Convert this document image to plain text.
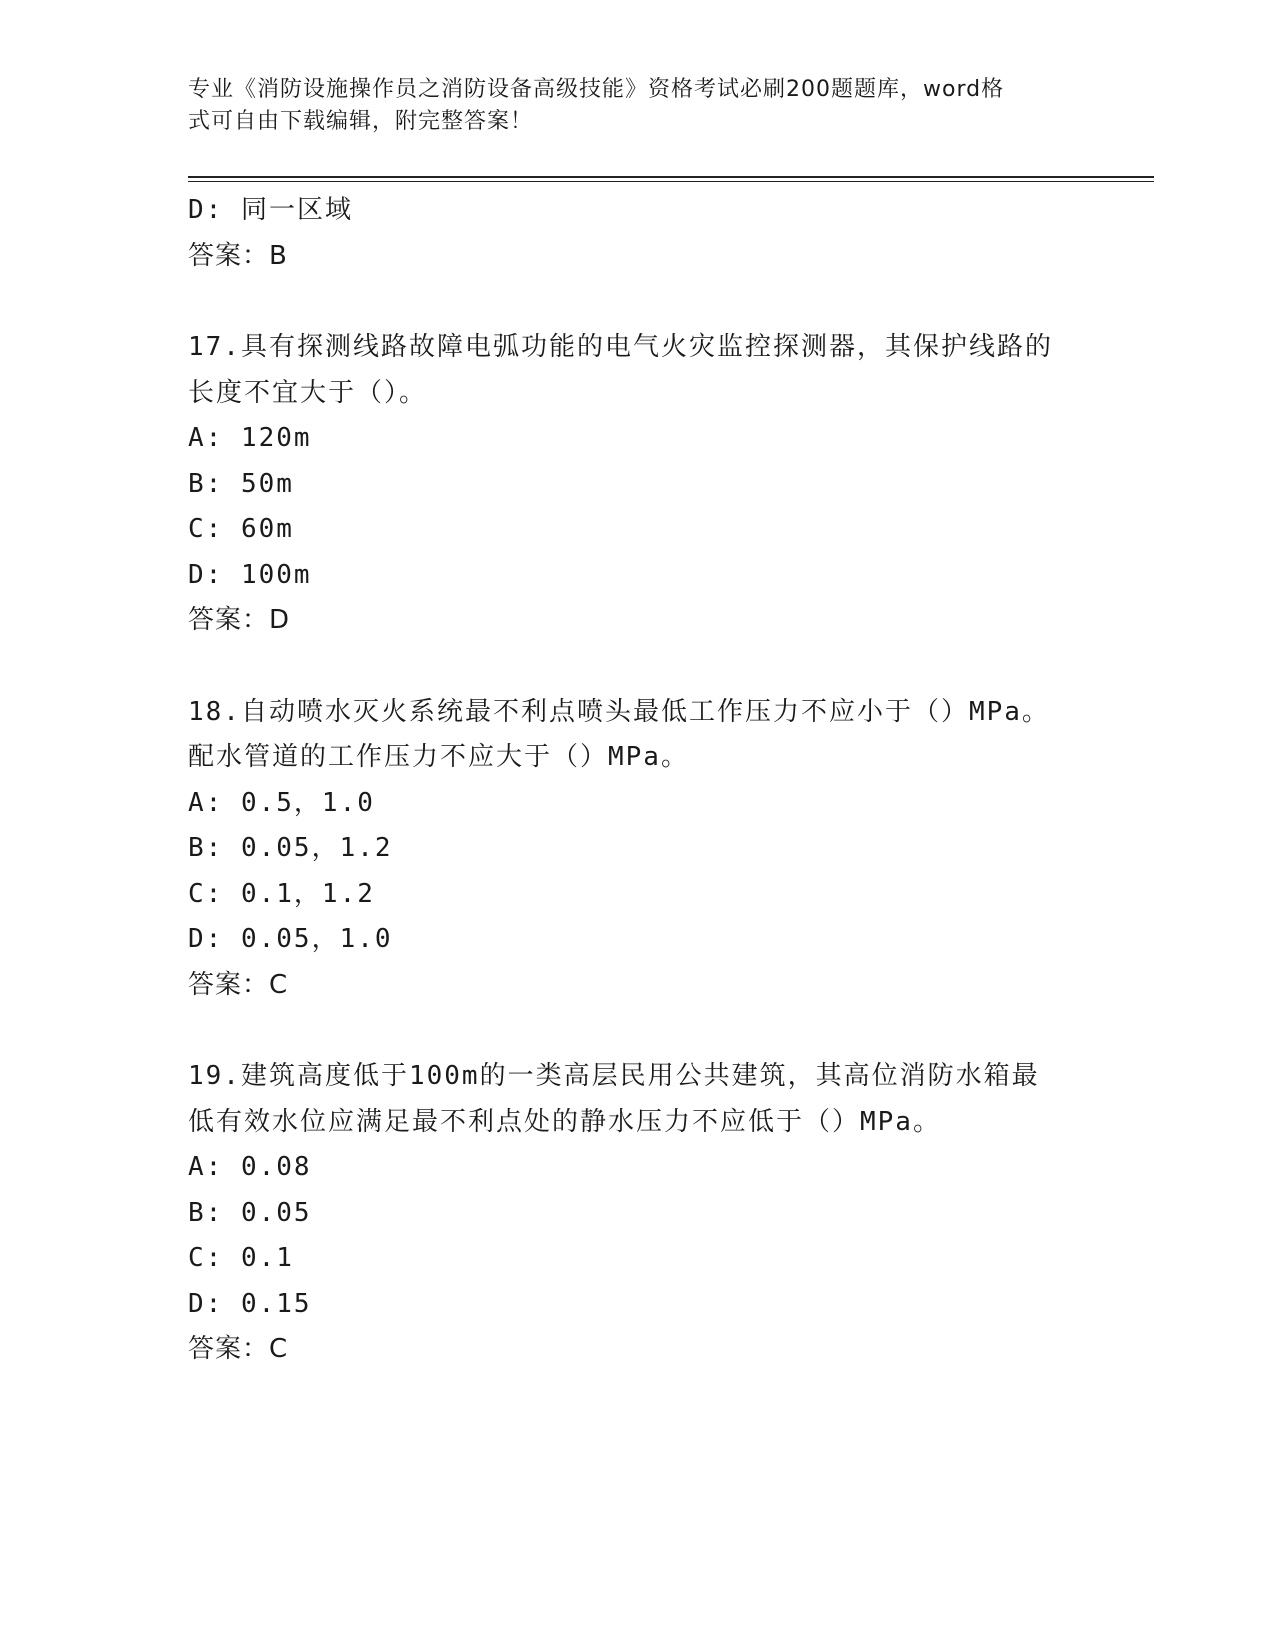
专业《消防设施操作员之消防设备高级技能》资格考试必刷200题题库，word格
式可自由下载编辑，附完整答案！
D: 同一区域
答案：B
17.具有探测线路故障电弧功能的电气火灾监控探测器，其保护线路的
长度不宜大于（）。
A: 120m
B: 50m
C: 60m
D: 100m
答案：D
18.自动喷水灭火系统最不利点喷头最低工作压力不应小于（）MPa。
配水管道的工作压力不应大于（）MPa。
A: 0.5，1.0
B: 0.05，1.2
C: 0.1，1.2
D: 0.05，1.0
答案：C
19.建筑高度低于100m的一类高层民用公共建筑，其高位消防水箱最
低有效水位应满足最不利点处的静水压力不应低于（）MPa。
A: 0.08
B: 0.05
C: 0.1
D: 0.15
答案：C
